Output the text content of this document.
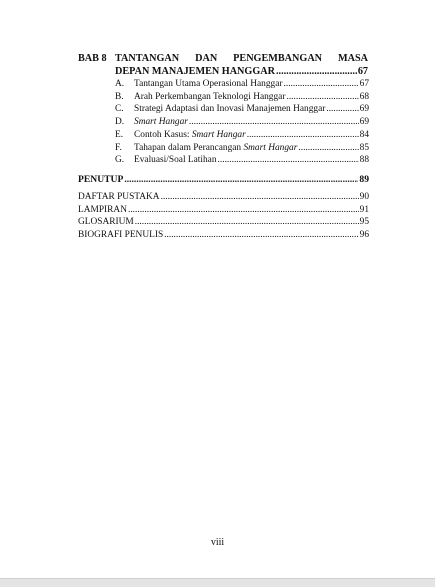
BAB 8 TANTANGAN DAN PENGEMBANGAN MASA
DEPAN MANAJEMEN HANGGAR .....	67
A.	Tantangan Utama Operasional Hanggar .....	67
B.	Arah Perkembangan Teknologi Hanggar .....	68
C.	Strategi Adaptasi dan Inovasi Manajemen Hanggar .....	69
D.	Smart Hangar .....	69
E.	Contoh Kasus: Smart Hangar .....	84
F.	Tahapan dalam Perancangan Smart Hangar .....	85
G.	Evaluasi/Soal Latihan .....	88
PENUTUP .....	89
DAFTAR PUSTAKA .....	90
LAMPIRAN .....	91
GLOSARIUM .....	95
BIOGRAFI PENULIS .....	96
viii
